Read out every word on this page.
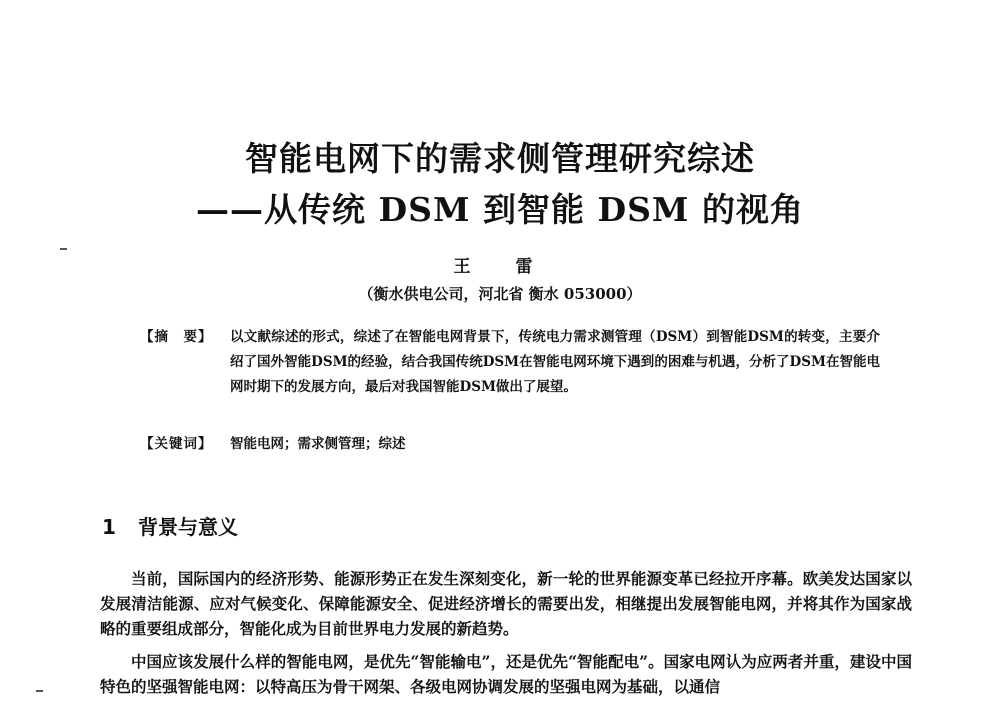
智能电网下的需求侧管理研究综述
——从传统 DSM 到智能 DSM 的视角
王　雷
（衡水供电公司，河北省 衡水 053000）
【摘　要】	以文献综述的形式，综述了在智能电网背景下，传统电力需求测管理（DSM）到智能DSM的转变，主要介绍了国外智能DSM的经验，结合我国传统DSM在智能电网环境下遇到的困难与机遇，分析了DSM在智能电网时期下的发展方向，最后对我国智能DSM做出了展望。
【关键词】	智能电网；需求侧管理；综述
1 背景与意义

当前，国际国内的经济形势、能源形势正在发生深刻变化，新一轮的世界能源变革已经拉开序幕。欧美发达国家以发展清洁能源、应对气候变化、保障能源安全、促进经济增长的需要出发，相继提出发展智能电网，并将其作为国家战略的重要组成部分，智能化成为目前世界电力发展的新趋势。

中国应该发展什么样的智能电网，是优先“智能输电”，还是优先“智能配电”。国家电网认为应两者并重，建设中国特色的坚强智能电网：以特高压为骨干网架、各级电网协调发展的坚强电网为基础，以通信
